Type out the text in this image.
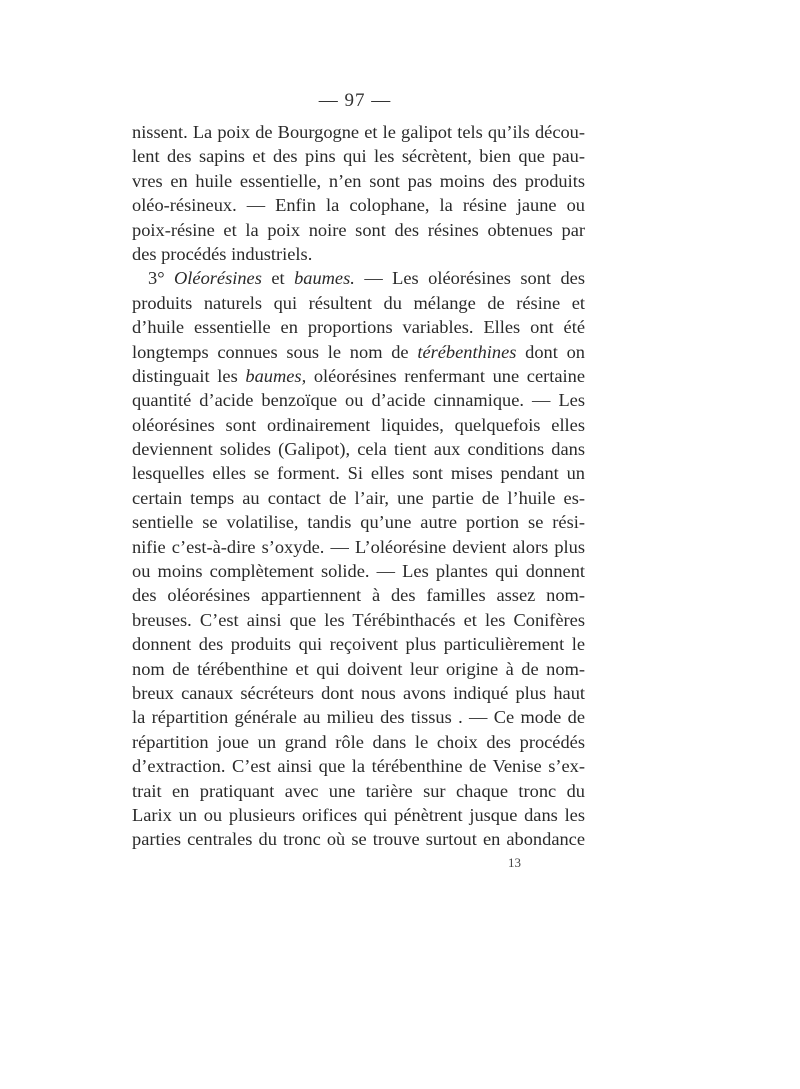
— 97 —
nissent. La poix de Bourgogne et le galipot tels qu’ils décou-
lent des sapins et des pins qui les sécrètent, bien que pau-
vres en huile essentielle, n’en sont pas moins des produits
oléo-résineux. — Enfin la colophane, la résine jaune ou
poix-résine et la poix noire sont des résines obtenues par
des procédés industriels.
3° Oléorésines et baumes. — Les oléorésines sont des
produits naturels qui résultent du mélange de résine et
d’huile essentielle en proportions variables. Elles ont été
longtemps connues sous le nom de térébenthines dont on
distinguait les baumes, oléorésines renfermant une certaine
quantité d’acide benzoïque ou d’acide cinnamique. — Les
oléorésines sont ordinairement liquides, quelquefois elles
deviennent solides (Galipot), cela tient aux conditions dans
lesquelles elles se forment. Si elles sont mises pendant un
certain temps au contact de l’air, une partie de l’huile es-
sentielle se volatilise, tandis qu’une autre portion se rési-
nifie c’est-à-dire s’oxyde. — L’oléorésine devient alors plus
ou moins complètement solide. — Les plantes qui donnent
des oléorésines appartiennent à des familles assez nom-
breuses. C’est ainsi que les Térébinthacés et les Conifères
donnent des produits qui reçoivent plus particulièrement le
nom de térébenthine et qui doivent leur origine à de nom-
breux canaux sécréteurs dont nous avons indiqué plus haut
la répartition générale au milieu des tissus . — Ce mode de
répartition joue un grand rôle dans le choix des procédés
d’extraction. C’est ainsi que la térébenthine de Venise s’ex-
trait en pratiquant avec une tarière sur chaque tronc du
Larix un ou plusieurs orifices qui pénètrent jusque dans les
parties centrales du tronc où se trouve surtout en abondance
13
